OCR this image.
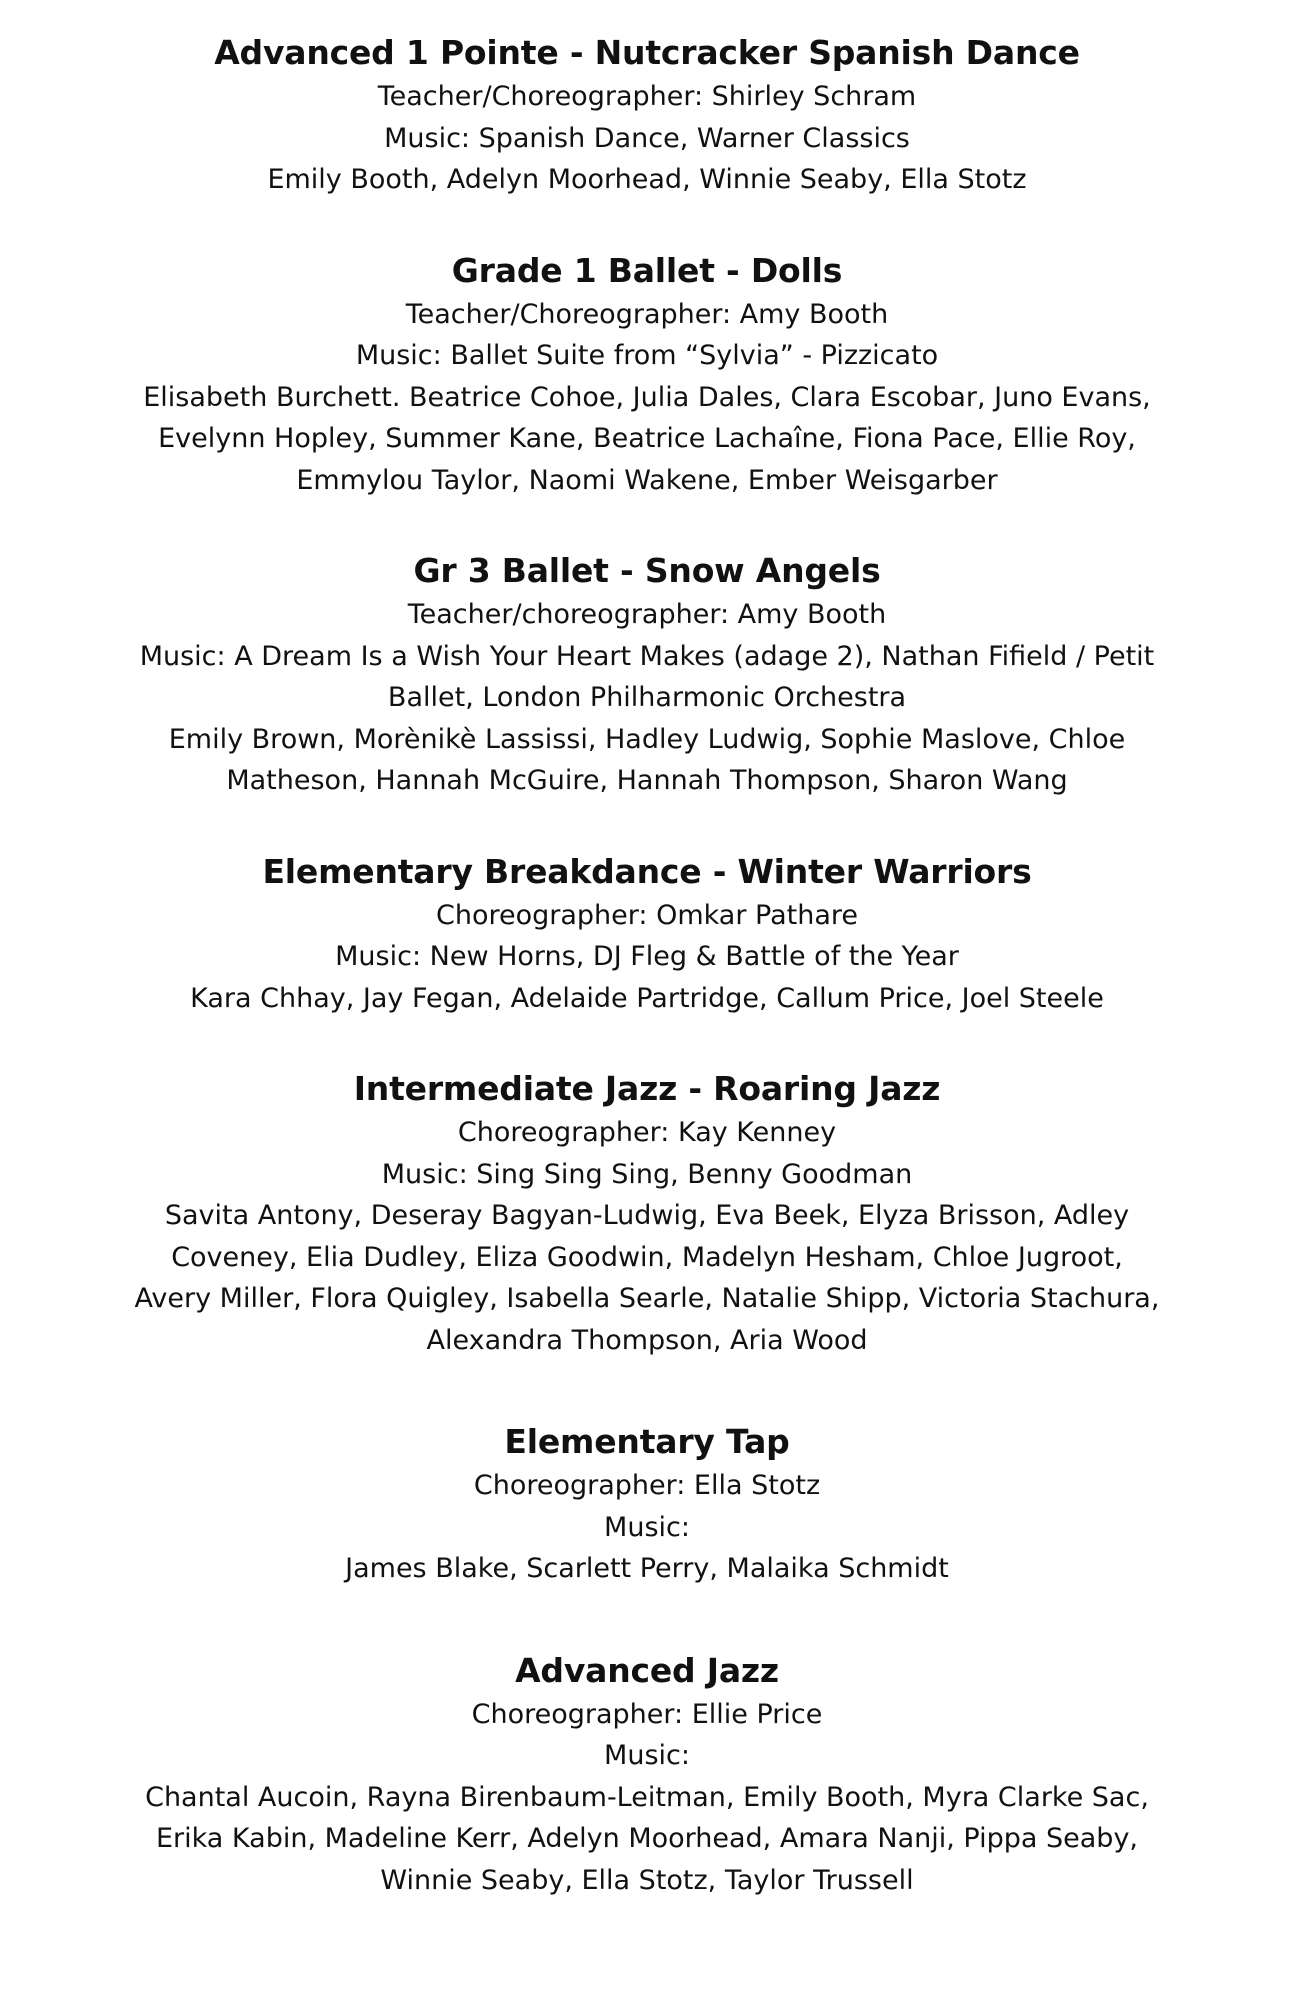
Advanced 1 Pointe - Nutcracker Spanish Dance
Teacher/Choreographer: Shirley Schram
Music: Spanish Dance, Warner Classics
Emily Booth, Adelyn Moorhead, Winnie Seaby, Ella Stotz
Grade 1 Ballet - Dolls
Teacher/Choreographer: Amy Booth
Music: Ballet Suite from “Sylvia” - Pizzicato
Elisabeth Burchett. Beatrice Cohoe, Julia Dales, Clara Escobar, Juno Evans,
Evelynn Hopley, Summer Kane, Beatrice Lachaîne, Fiona Pace, Ellie Roy,
Emmylou Taylor, Naomi Wakene, Ember Weisgarber
Gr 3 Ballet - Snow Angels
Teacher/choreographer: Amy Booth
Music: A Dream Is a Wish Your Heart Makes (adage 2), Nathan Fifield / Petit
Ballet, London Philharmonic Orchestra
Emily Brown, Morènikè Lassissi, Hadley Ludwig, Sophie Maslove, Chloe
Matheson, Hannah McGuire, Hannah Thompson, Sharon Wang
Elementary Breakdance - Winter Warriors
Choreographer: Omkar Pathare
Music: New Horns, DJ Fleg & Battle of the Year
Kara Chhay, Jay Fegan, Adelaide Partridge, Callum Price, Joel Steele
Intermediate Jazz - Roaring Jazz
Choreographer: Kay Kenney
Music: Sing Sing Sing, Benny Goodman
Savita Antony, Deseray Bagyan-Ludwig, Eva Beek, Elyza Brisson, Adley
Coveney, Elia Dudley, Eliza Goodwin, Madelyn Hesham, Chloe Jugroot,
Avery Miller, Flora Quigley, Isabella Searle, Natalie Shipp, Victoria Stachura,
Alexandra Thompson, Aria Wood
Elementary Tap
Choreographer: Ella Stotz
Music:
James Blake, Scarlett Perry, Malaika Schmidt
Advanced Jazz
Choreographer: Ellie Price
Music:
Chantal Aucoin, Rayna Birenbaum-Leitman, Emily Booth, Myra Clarke Sac,
Erika Kabin, Madeline Kerr, Adelyn Moorhead, Amara Nanji, Pippa Seaby,
Winnie Seaby, Ella Stotz, Taylor Trussell
